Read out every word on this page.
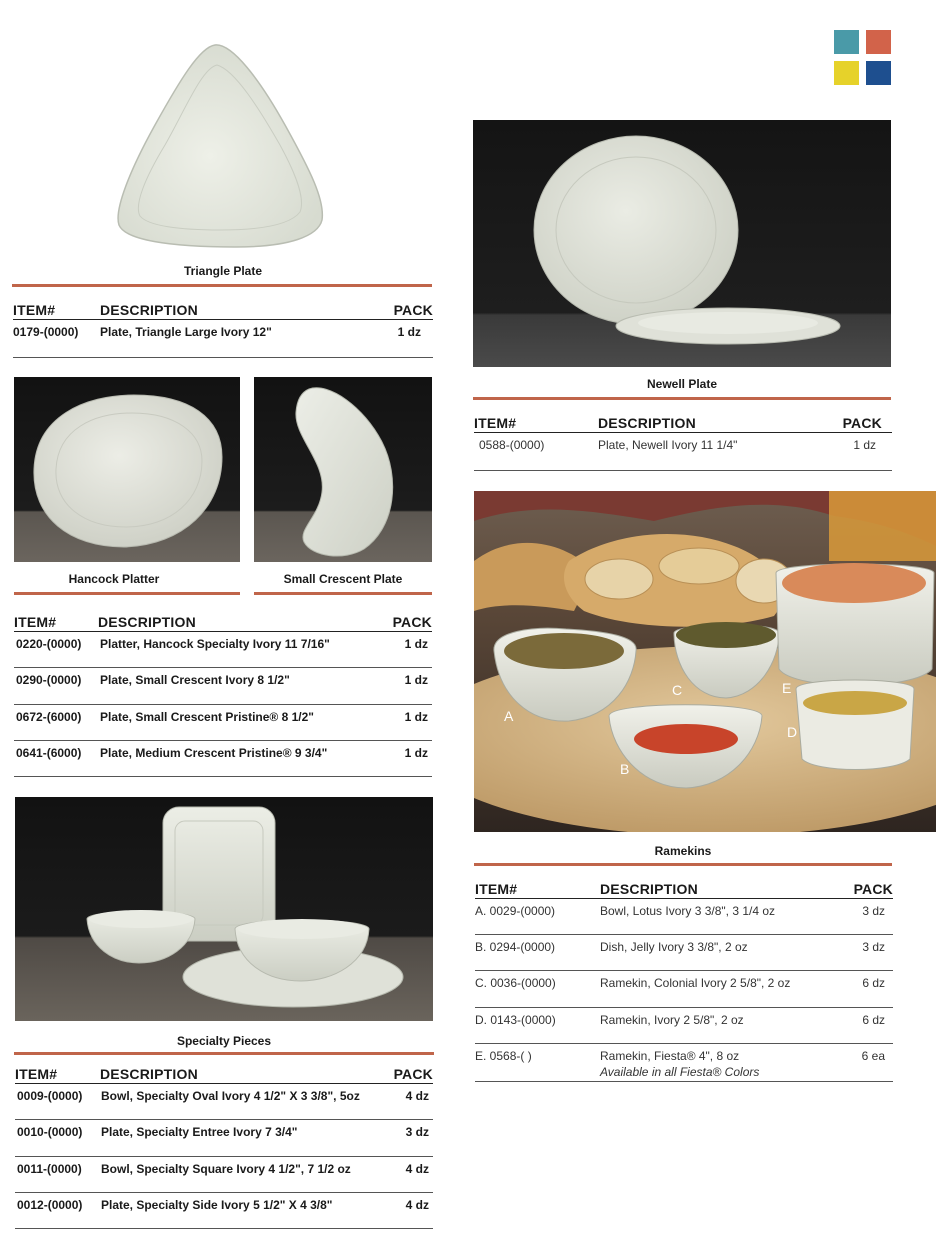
Triangle Plate
ITEM#	DESCRIPTION	PACK
0179-(0000) Plate, Triangle Large Ivory 12"	1 dz
Newell Plate
ITEM#	DESCRIPTION	PACK
0588-(0000)	Plate, Newell Ivory 11 1/4"	1 dz
Hancock Platter	Small Crescent Plate
ITEM#	DESCRIPTION	PACK
0220-(0000) Platter, Hancock Specialty Ivory 11 7/16"	1 dz
0290-(0000) Plate, Small Crescent Ivory 8 1/2"	1 dz
0672-(6000) Plate, Small Crescent Pristine® 8 1/2"	1 dz
0641-(6000) Plate, Medium Crescent Pristine® 9 3/4"	1 dz
A
B
C
D
E
Ramekins
ITEM#	DESCRIPTION	PACK
A. 0029-(0000)	Bowl, Lotus Ivory 3 3/8", 3 1/4 oz	3 dz
B. 0294-(0000)	Dish, Jelly Ivory 3 3/8", 2 oz	3 dz
C. 0036-(0000)	Ramekin, Colonial Ivory 2 5/8", 2 oz	6 dz
D. 0143-(0000)	Ramekin, Ivory 2 5/8", 2 oz	6 dz
E. 0568-( )	Ramekin, Fiesta® 4", 8 oz	6 ea
Available in all Fiesta® Colors
Specialty Pieces
ITEM#	DESCRIPTION	PACK
0009-(0000) Bowl, Specialty Oval Ivory 4 1/2" X 3 3/8", 5oz	4 dz
0010-(0000) Plate, Specialty Entree Ivory 7 3/4"	3 dz
0011-(0000) Bowl, Specialty Square Ivory 4 1/2", 7 1/2 oz	4 dz
0012-(0000) Plate, Specialty Side Ivory 5 1/2" X 4 3/8"	4 dz
